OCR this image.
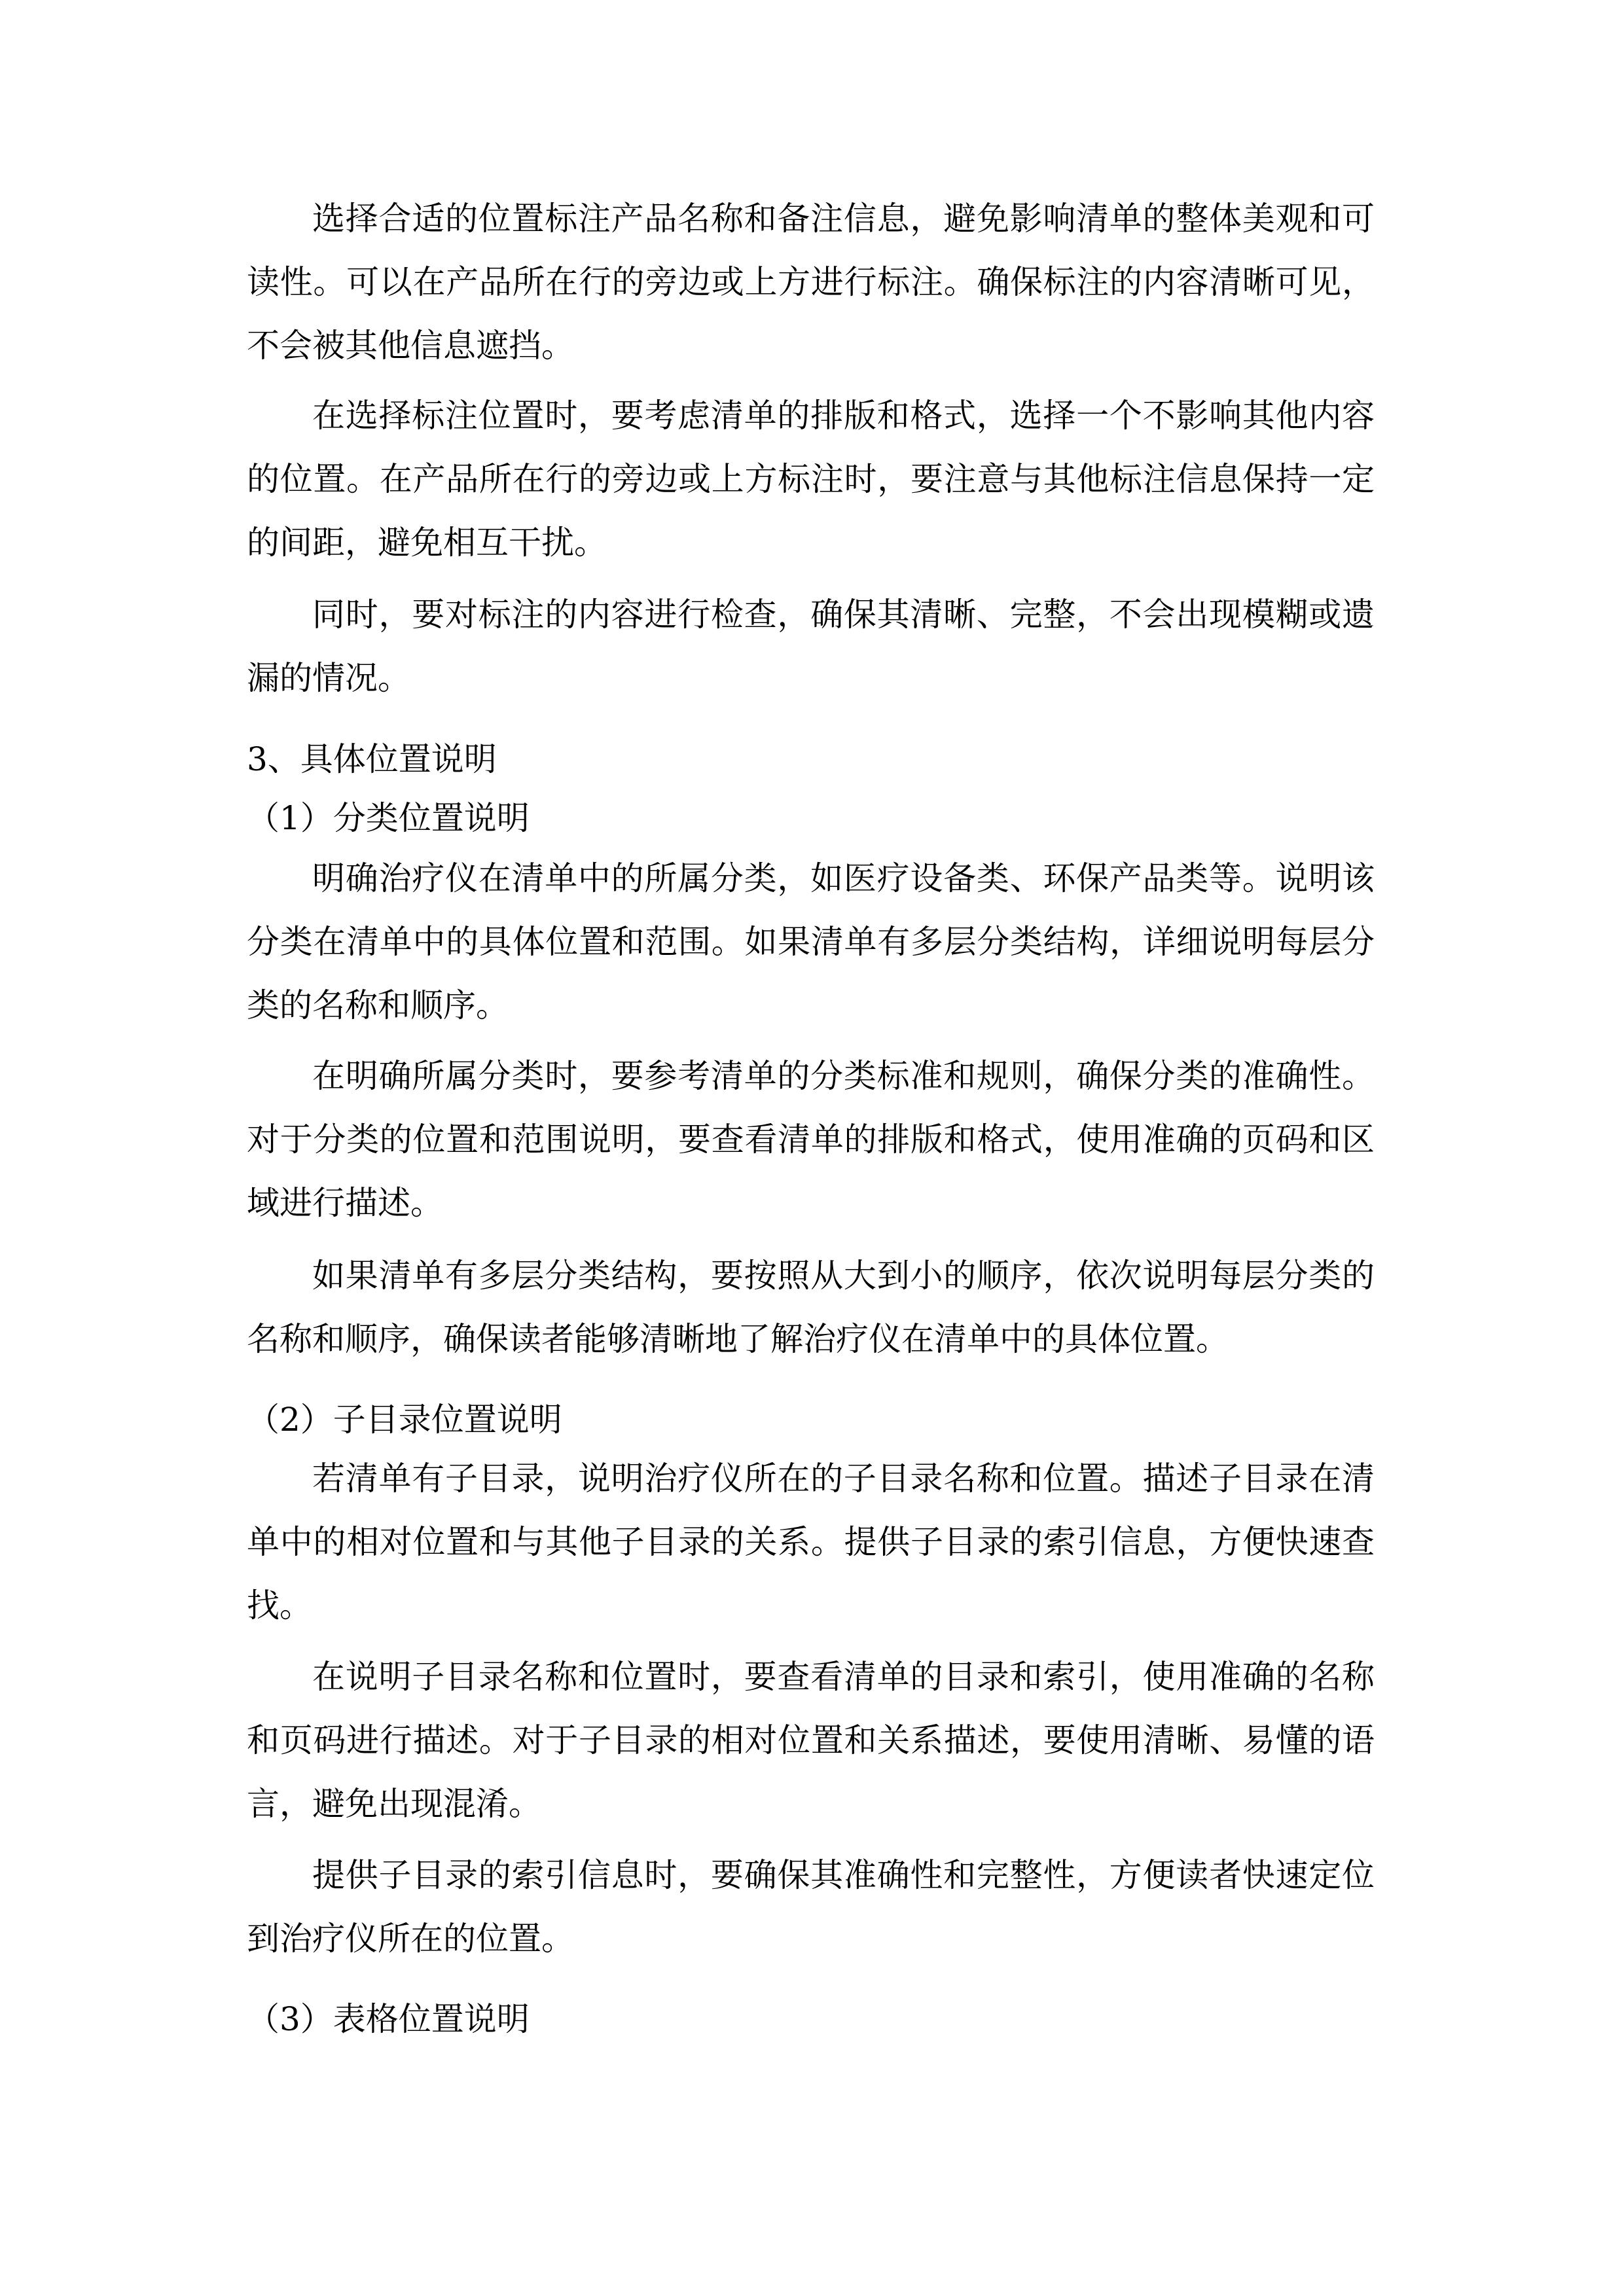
选择合适的位置标注产品名称和备注信息，避免影响清单的整体美观和可
读性。可以在产品所在行的旁边或上方进行标注。确保标注的内容清晰可见，
不会被其他信息遮挡。
在选择标注位置时，要考虑清单的排版和格式，选择一个不影响其他内容
的位置。在产品所在行的旁边或上方标注时，要注意与其他标注信息保持一定
的间距，避免相互干扰。
同时，要对标注的内容进行检查，确保其清晰、完整，不会出现模糊或遗
漏的情况。
3、具体位置说明
（1）分类位置说明
明确治疗仪在清单中的所属分类，如医疗设备类、环保产品类等。说明该
分类在清单中的具体位置和范围。如果清单有多层分类结构，详细说明每层分
类的名称和顺序。
在明确所属分类时，要参考清单的分类标准和规则，确保分类的准确性。
对于分类的位置和范围说明，要查看清单的排版和格式，使用准确的页码和区
域进行描述。
如果清单有多层分类结构，要按照从大到小的顺序，依次说明每层分类的
名称和顺序，确保读者能够清晰地了解治疗仪在清单中的具体位置。
（2）子目录位置说明
若清单有子目录，说明治疗仪所在的子目录名称和位置。描述子目录在清
单中的相对位置和与其他子目录的关系。提供子目录的索引信息，方便快速查
找。
在说明子目录名称和位置时，要查看清单的目录和索引，使用准确的名称
和页码进行描述。对于子目录的相对位置和关系描述，要使用清晰、易懂的语
言，避免出现混淆。
提供子目录的索引信息时，要确保其准确性和完整性，方便读者快速定位
到治疗仪所在的位置。
（3）表格位置说明
